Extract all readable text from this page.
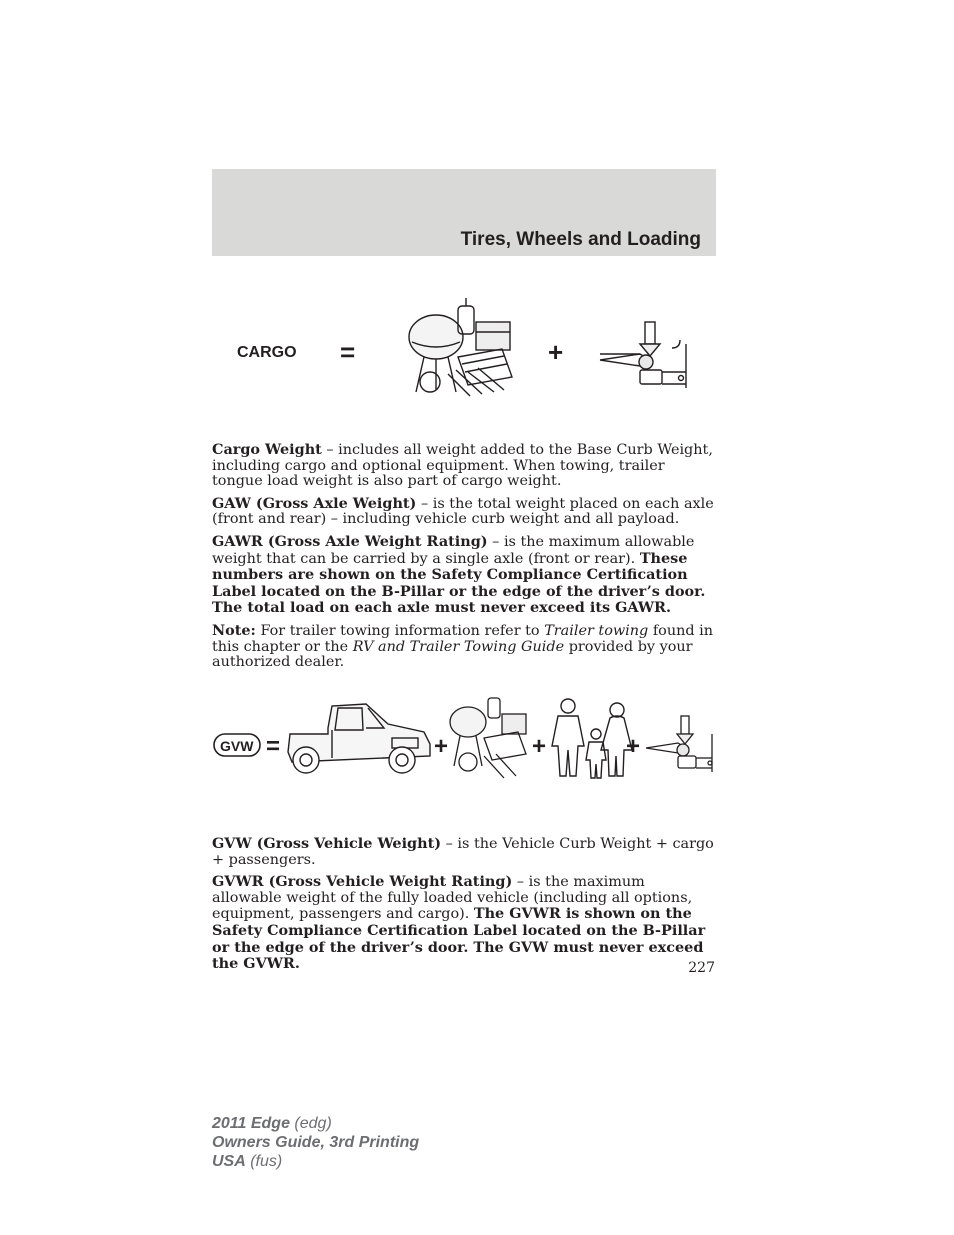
Tires, Wheels and Loading
CARGO =	+

Cargo Weight – includes all weight added to the Base Curb Weight, including cargo and optional equipment. When towing, trailer tongue load weight is also part of cargo weight.

GAW (Gross Axle Weight) – is the total weight placed on each axle (front and rear) – including vehicle curb weight and all payload.

GAWR (Gross Axle Weight Rating) – is the maximum allowable weight that can be carried by a single axle (front or rear). These numbers are shown on the Safety Compliance Certification Label located on the B-Pillar or the edge of the driver’s door. The total load on each axle must never exceed its GAWR.

Note: For trailer towing information refer to Trailer towing found in this chapter or the RV and Trailer Towing Guide provided by your authorized dealer.

GVW =	+	+	+

GVW (Gross Vehicle Weight) – is the Vehicle Curb Weight + cargo + passengers.

GVWR (Gross Vehicle Weight Rating) – is the maximum allowable weight of the fully loaded vehicle (including all options, equipment, passengers and cargo). The GVWR is shown on the Safety Compliance Certification Label located on the B-Pillar or the edge of the driver’s door. The GVW must never exceed the GVWR.	227
2011 Edge (edg)
Owners Guide, 3rd Printing
USA (fus)
